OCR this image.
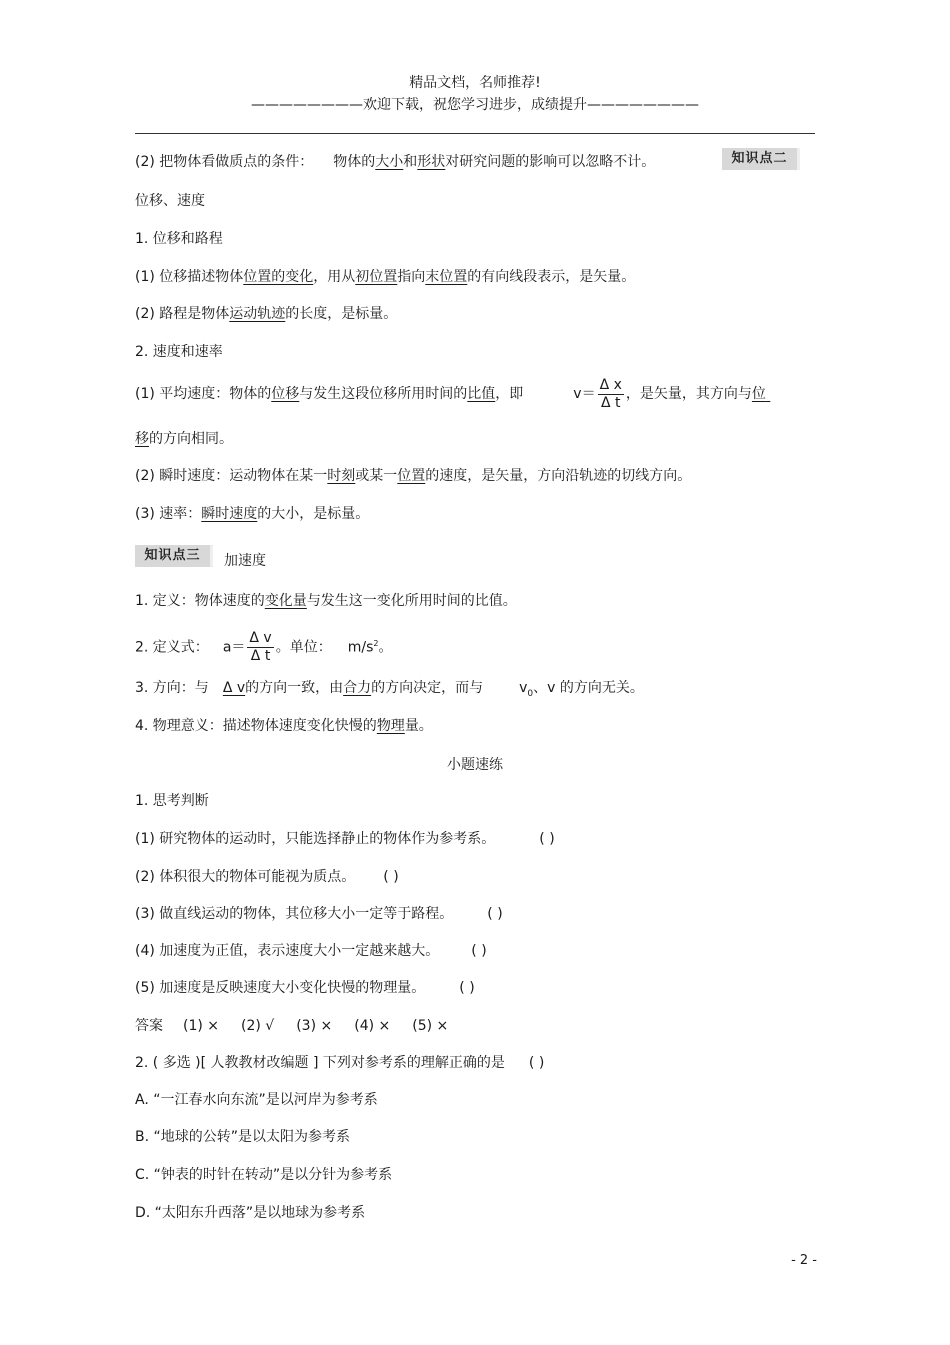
精品文档，名师推荐!
————————欢迎下载，祝您学习进步，成绩提升————————
(2) 把物体看做质点的条件： 物体的大小和形状对研究问题的影响可以忽略不计。	知识点二
位移、速度
1. 位移和路程
(1) 位移描述物体位置的变化，用从初位置指向末位置的有向线段表示，是矢量。
(2) 路程是物体运动轨迹的长度，是标量。
2. 速度和速率
(1) 平均速度：物体的位移与发生这段位移所用时间的比值，即	$v= \frac{\text{Δ x}}{\text{Δ t}}$ ，是矢量，其方向与位
移的方向相同。
(2) 瞬时速度：运动物体在某一时刻或某一位置的速度，是矢量，方向沿轨迹的切线方向。
(3) 速率：瞬时速度的大小，是标量。
知识点三	加速度
1. 定义：物体速度的变化量与发生这一变化所用时间的比值。
2. 定义式： $a= \frac{\text{Δ v}}{\text{Δ t}}$ 。单位： $m/s^2$。
3. 方向：与 Δ v的方向一致，由合力的方向决定，而与	$v_0$、v 的方向无关。
4. 物理意义：描述物体速度变化快慢的物理量。
小题速练
1. 思考判断
(1) 研究物体的运动时，只能选择静止的物体作为参考系。	( )
(2) 体积很大的物体可能视为质点。 ( )
(3) 做直线运动的物体，其位移大小一定等于路程。 ( )
(4) 加速度为正值，表示速度大小一定越来越大。 ( )
(5) 加速度是反映速度大小变化快慢的物理量。 ( )
答案 (1) × (2) √ (3) × (4) × (5) ×
2. ( 多选 )[ 人教教材改编题 ] 下列对参考系的理解正确的是 ( )
A. “一江春水向东流”是以河岸为参考系
B. “地球的公转”是以太阳为参考系
C. “钟表的时针在转动”是以分针为参考系
D. “太阳东升西落”是以地球为参考系
- 2 -
